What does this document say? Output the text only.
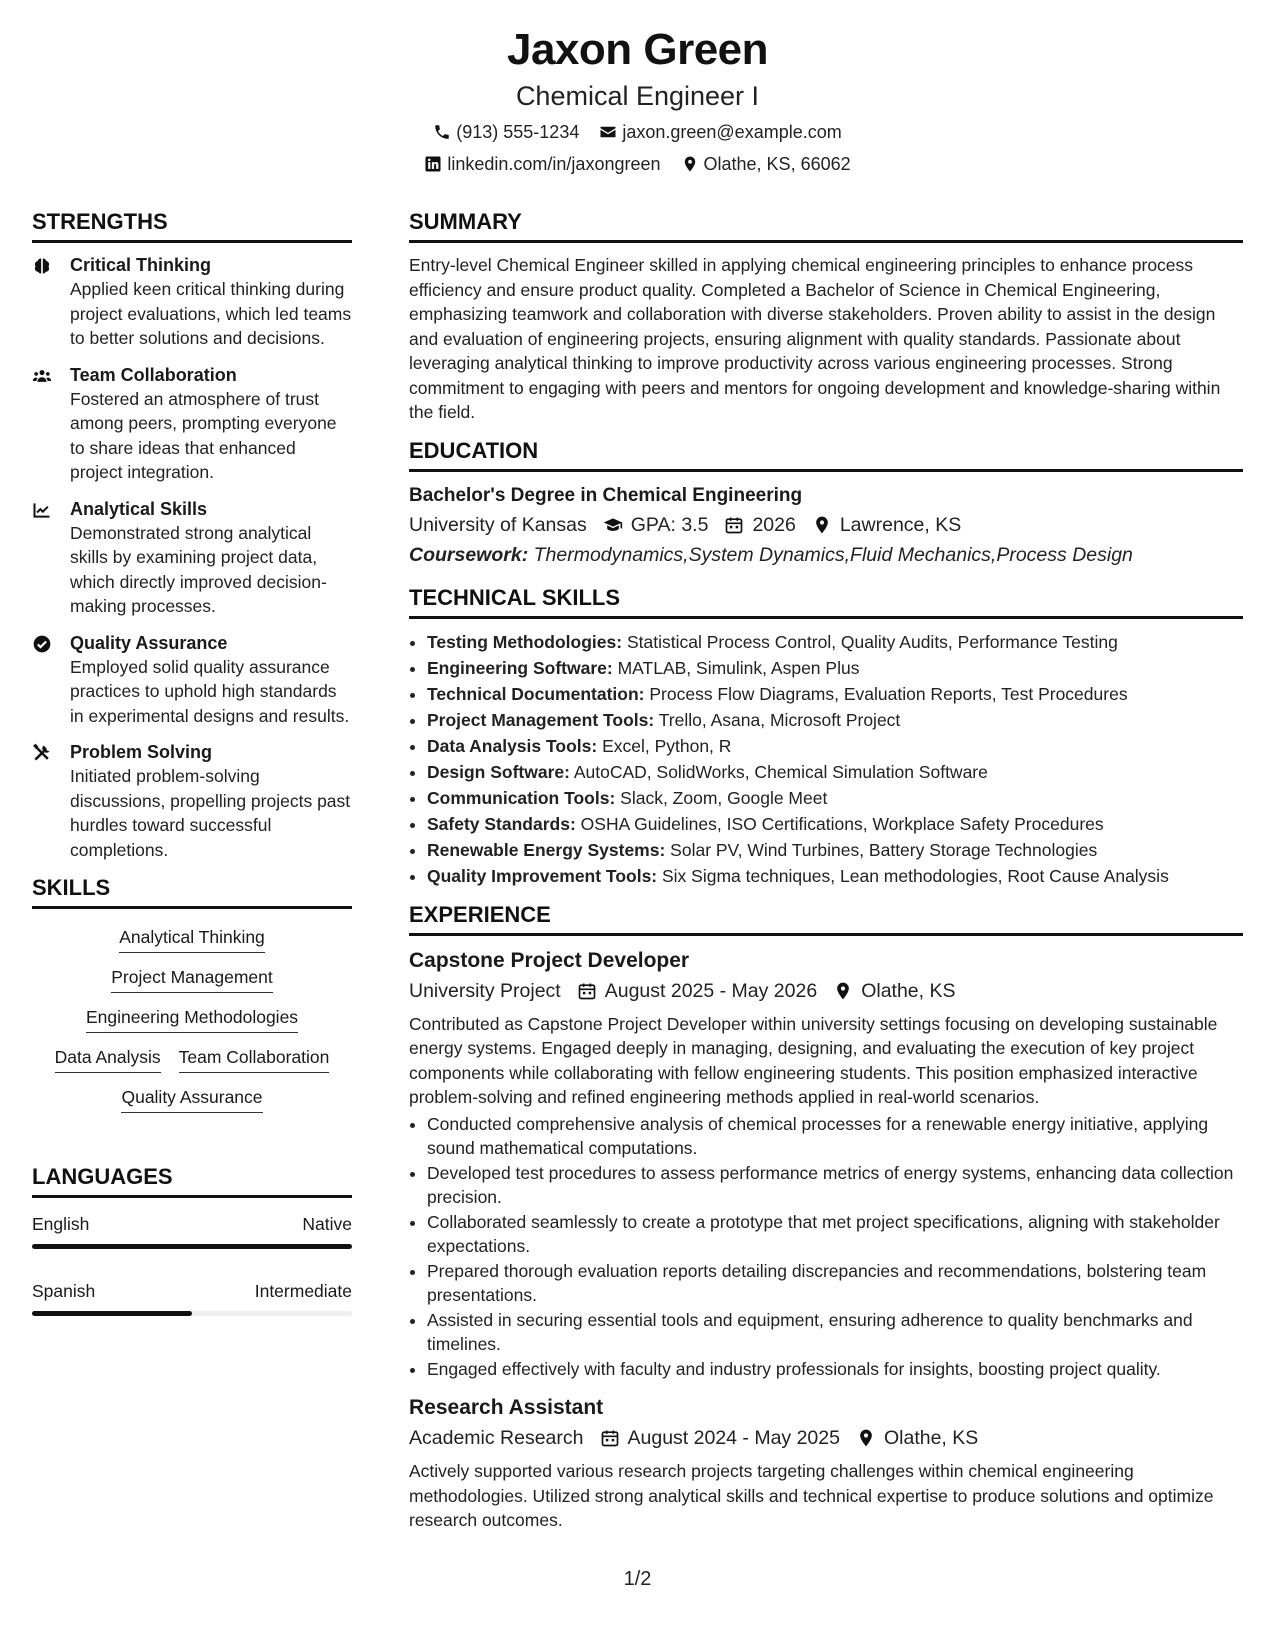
Jaxon Green
Chemical Engineer I
(913) 555-1234 jaxon.green@example.com
linkedin.com/in/jaxongreen Olathe, KS, 66062
STRENGTHS
Critical Thinking
Applied keen critical thinking during project evaluations, which led teams to better solutions and decisions.
Team Collaboration
Fostered an atmosphere of trust among peers, prompting everyone to share ideas that enhanced project integration.
Analytical Skills
Demonstrated strong analytical skills by examining project data, which directly improved decision-making processes.
Quality Assurance
Employed solid quality assurance practices to uphold high standards in experimental designs and results.
Problem Solving
Initiated problem-solving discussions, propelling projects past hurdles toward successful completions.
SKILLS
Analytical Thinking
Project Management
Engineering Methodologies
Data Analysis Team Collaboration
Quality Assurance
LANGUAGES
English	Native
Spanish	Intermediate
SUMMARY

Entry-level Chemical Engineer skilled in applying chemical engineering principles to enhance process efficiency and ensure product quality. Completed a Bachelor of Science in Chemical Engineering, emphasizing teamwork and collaboration with diverse stakeholders. Proven ability to assist in the design and evaluation of engineering projects, ensuring alignment with quality standards. Passionate about leveraging analytical thinking to improve productivity across various engineering processes. Strong commitment to engaging with peers and mentors for ongoing development and knowledge-sharing within the field.

EDUCATION
Bachelor's Degree in Chemical Engineering
University of Kansas GPA: 3.5 2026 Lawrence, KS
Coursework: Thermodynamics,System Dynamics,Fluid Mechanics,Process Design
TECHNICAL SKILLS
• Testing Methodologies: Statistical Process Control, Quality Audits, Performance Testing
• Engineering Software: MATLAB, Simulink, Aspen Plus
• Technical Documentation: Process Flow Diagrams, Evaluation Reports, Test Procedures
• Project Management Tools: Trello, Asana, Microsoft Project
• Data Analysis Tools: Excel, Python, R
• Design Software: AutoCAD, SolidWorks, Chemical Simulation Software
• Communication Tools: Slack, Zoom, Google Meet
• Safety Standards: OSHA Guidelines, ISO Certifications, Workplace Safety Procedures
• Renewable Energy Systems: Solar PV, Wind Turbines, Battery Storage Technologies
• Quality Improvement Tools: Six Sigma techniques, Lean methodologies, Root Cause Analysis
EXPERIENCE
Capstone Project Developer
University Project August 2025 - May 2026 Olathe, KS

Contributed as Capstone Project Developer within university settings focusing on developing sustainable energy systems. Engaged deeply in managing, designing, and evaluating the execution of key project components while collaborating with fellow engineering students. This position emphasized interactive problem-solving and refined engineering methods applied in real-world scenarios.

• Conducted comprehensive analysis of chemical processes for a renewable energy initiative, applying sound mathematical computations.
• Developed test procedures to assess performance metrics of energy systems, enhancing data collection precision.
• Collaborated seamlessly to create a prototype that met project specifications, aligning with stakeholder expectations.
• Prepared thorough evaluation reports detailing discrepancies and recommendations, bolstering team presentations.
• Assisted in securing essential tools and equipment, ensuring adherence to quality benchmarks and timelines.
• Engaged effectively with faculty and industry professionals for insights, boosting project quality.
Research Assistant
Academic Research August 2024 - May 2025 Olathe, KS

Actively supported various research projects targeting challenges within chemical engineering methodologies. Utilized strong analytical skills and technical expertise to produce solutions and optimize research outcomes.

1/2
